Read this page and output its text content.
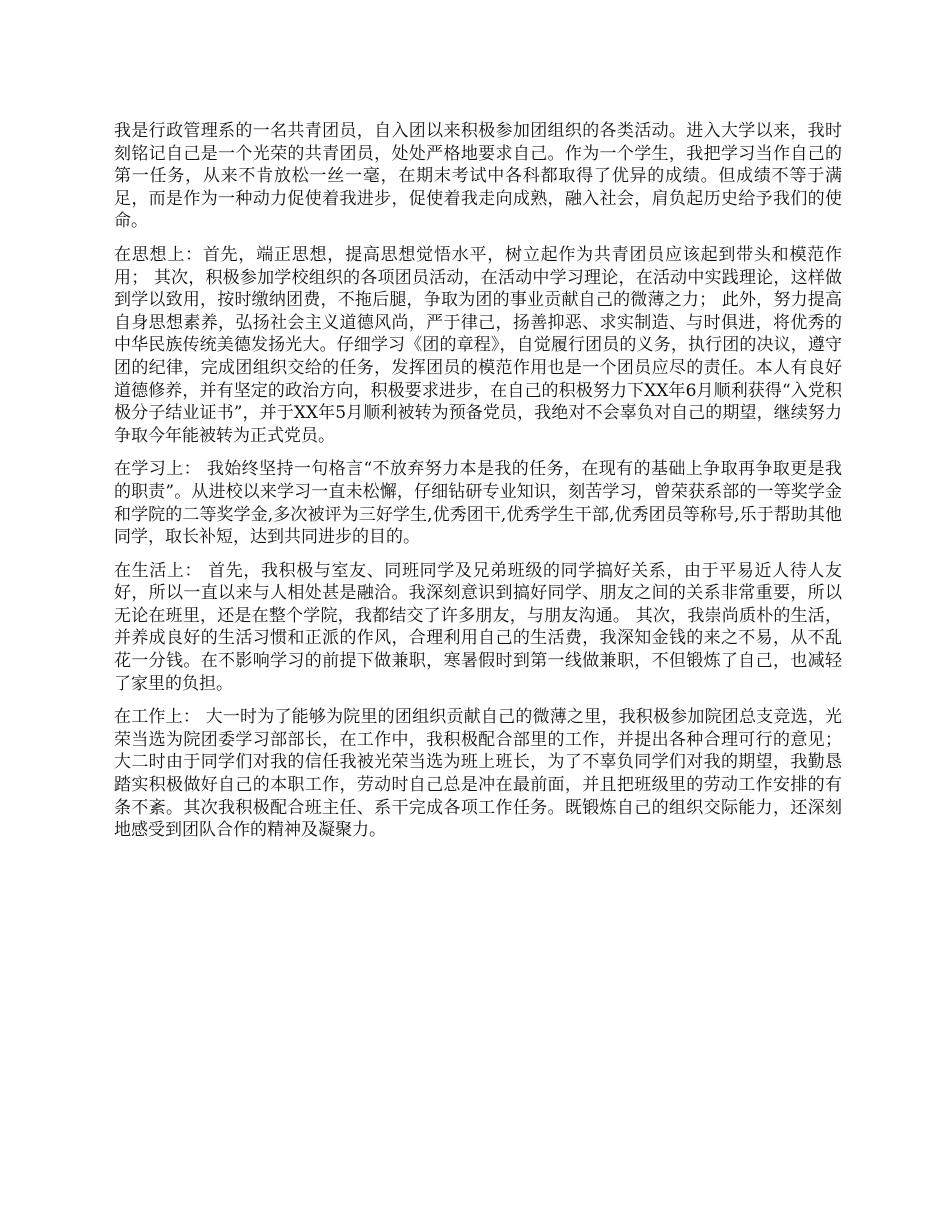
我是行政管理系的一名共青团员，自入团以来积极参加团组织的各类活动。进入大学以来，我时刻铭记自己是一个光荣的共青团员，处处严格地要求自己。作为一个学生，我把学习当作自己的第一任务，从来不肯放松一丝一毫，在期末考试中各科都取得了优异的成绩。但成绩不等于满足，而是作为一种动力促使着我进步，促使着我走向成熟，融入社会，肩负起历史给予我们的使命。

在思想上：首先，端正思想，提高思想觉悟水平，树立起作为共青团员应该起到带头和模范作用； 其次，积极参加学校组织的各项团员活动，在活动中学习理论，在活动中实践理论，这样做到学以致用，按时缴纳团费，不拖后腿，争取为团的事业贡献自己的微薄之力； 此外，努力提高自身思想素养，弘扬社会主义道德风尚，严于律己，扬善抑恶、求实制造、与时俱进，将优秀的中华民族传统美德发扬光大。仔细学习《团的章程》，自觉履行团员的义务，执行团的决议，遵守团的纪律，完成团组织交给的任务，发挥团员的模范作用也是一个团员应尽的责任。本人有良好道德修养，并有坚定的政治方向，积极要求进步，在自己的积极努力下XX年6月顺利获得“入党积极分子结业证书”，并于XX年5月顺利被转为预备党员，我绝对不会辜负对自己的期望，继续努力争取今年能被转为正式党员。

在学习上： 我始终坚持一句格言“不放弃努力本是我的任务，在现有的基础上争取再争取更是我的职责”。从进校以来学习一直未松懈，仔细钻研专业知识，刻苦学习，曾荣获系部的一等奖学金和学院的二等奖学金,多次被评为三好学生,优秀团干,优秀学生干部,优秀团员等称号,乐于帮助其他同学，取长补短，达到共同进步的目的。

在生活上： 首先，我积极与室友、同班同学及兄弟班级的同学搞好关系，由于平易近人待人友好，所以一直以来与人相处甚是融洽。我深刻意识到搞好同学、朋友之间的关系非常重要，所以无论在班里，还是在整个学院，我都结交了许多朋友，与朋友沟通。 其次，我崇尚质朴的生活，并养成良好的生活习惯和正派的作风，合理利用自己的生活费，我深知金钱的来之不易，从不乱花一分钱。在不影响学习的前提下做兼职，寒暑假时到第一线做兼职，不但锻炼了自己，也减轻了家里的负担。

在工作上： 大一时为了能够为院里的团组织贡献自己的微薄之里，我积极参加院团总支竞选，光荣当选为院团委学习部部长，在工作中，我积极配合部里的工作，并提出各种合理可行的意见； 大二时由于同学们对我的信任我被光荣当选为班上班长，为了不辜负同学们对我的期望，我勤恳踏实积极做好自己的本职工作，劳动时自己总是冲在最前面，并且把班级里的劳动工作安排的有条不紊。其次我积极配合班主任、系干完成各项工作任务。既锻炼自己的组织交际能力，还深刻地感受到团队合作的精神及凝聚力。
